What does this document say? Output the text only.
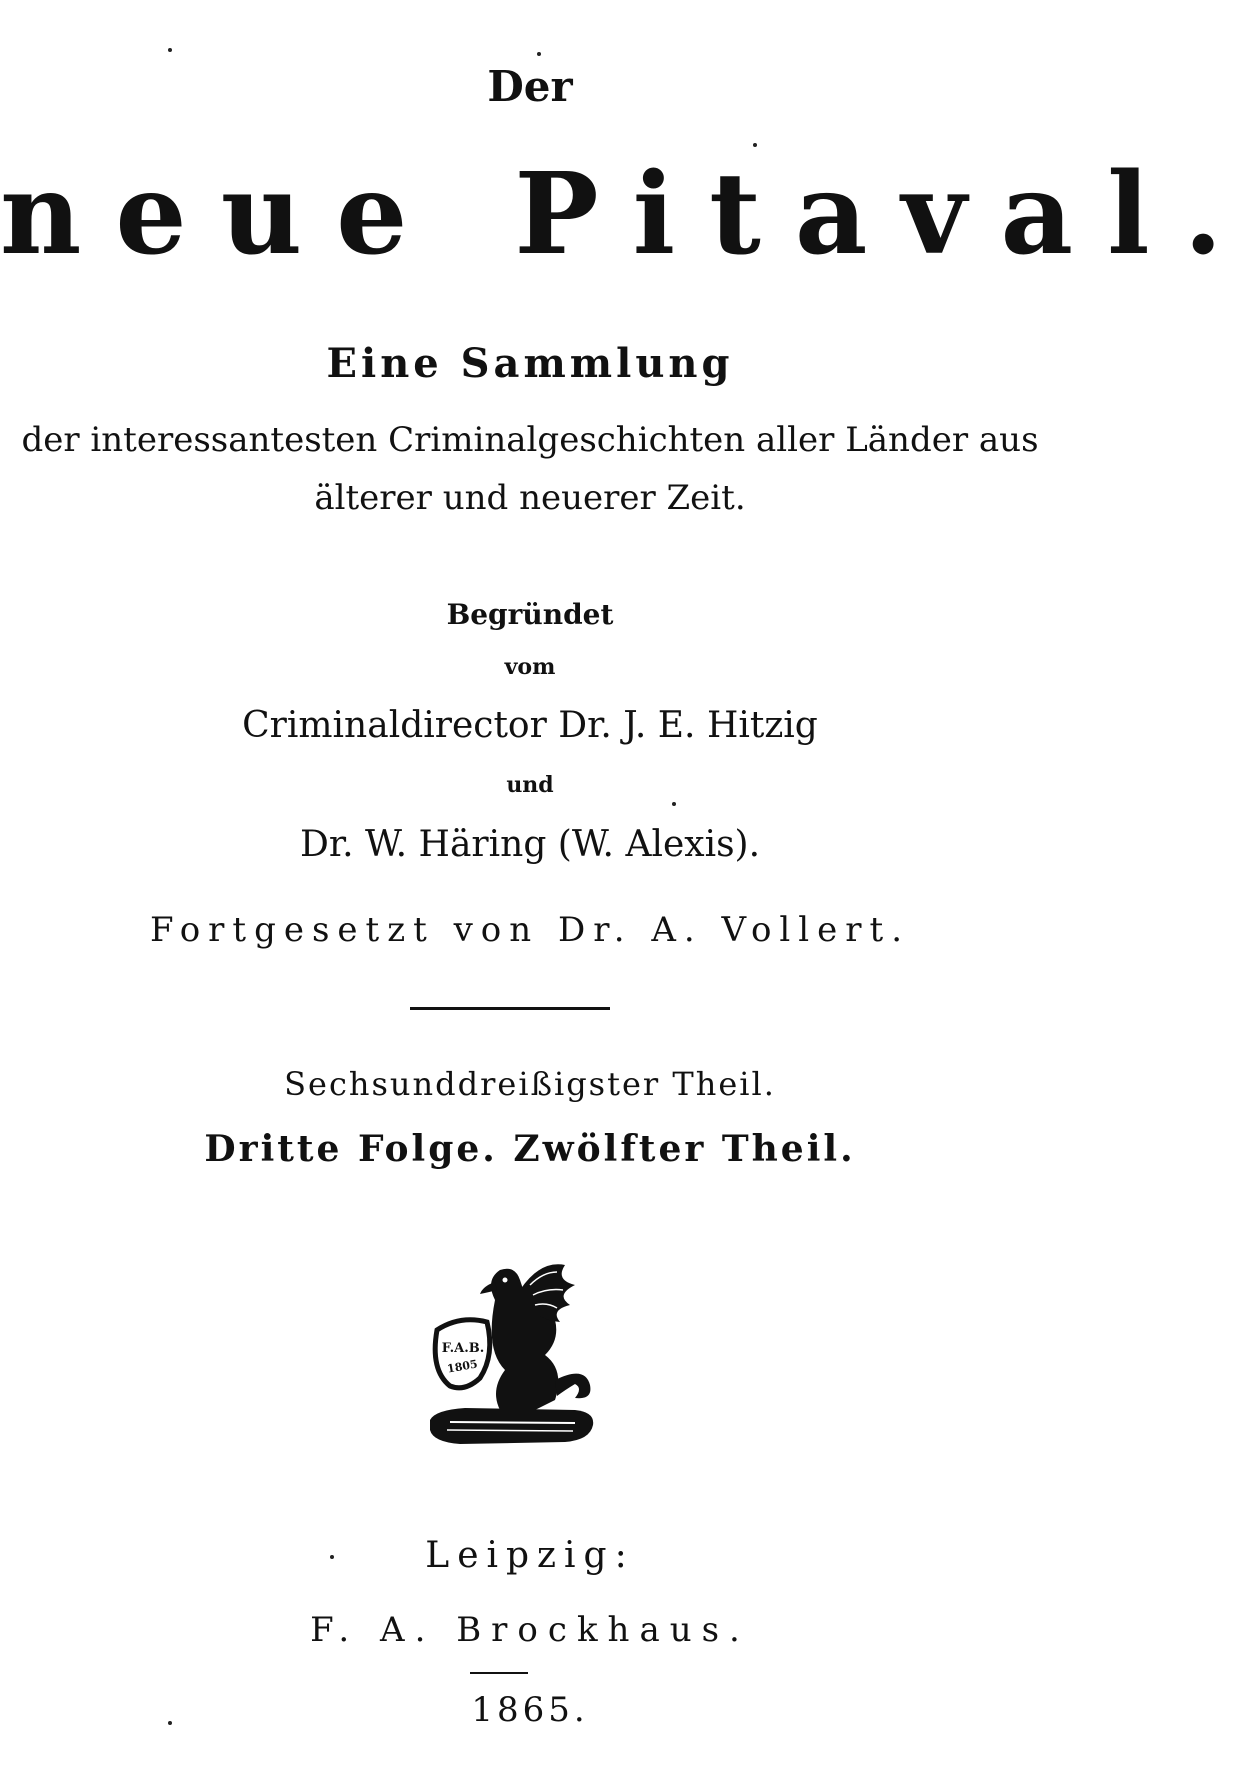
Der
neue Pitaval.
Eine Sammlung
der interessantesten Criminalgeschichten aller Länder aus
älterer und neuerer Zeit.
Begründet
vom
Criminaldirector Dr. J. E. Hitzig
und
Dr. W. Häring (W. Alexis).
Fortgesetzt von Dr. A. Vollert.
Sechsunddreißigster Theil.
Dritte Folge. Zwölfter Theil.
F.A.B.
1805
Leipzig:
F. A. Brockhaus.
1865.
